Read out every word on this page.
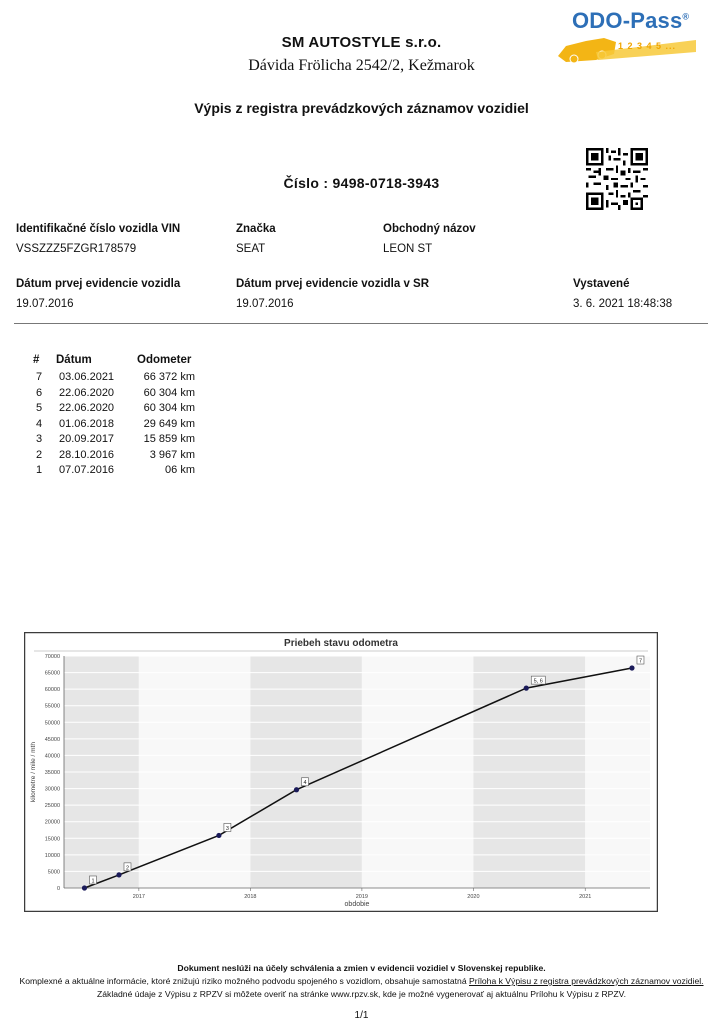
SM AUTOSTYLE s.r.o.
Dávida Frölicha 2542/2, Kežmarok
ODO-Pass®
1 2 3 4 5 ...
Výpis z registra prevádzkových záznamov vozidiel
Číslo : 9498-0718-3943
Identifikačné číslo vozidla VIN
VSSZZZ5FZGR178579
Značka
SEAT
Obchodný názov
LEON ST
Dátum prvej evidencie vozidla
19.07.2016
Dátum prvej evidencie vozidla v SR
19.07.2016
Vystavené
3. 6. 2021 18:48:38
# Dátum	Odometer
7	03.06.2021	66 372 km
6	22.06.2020	60 304 km
5	22.06.2020	60 304 km
4	01.06.2018	29 649 km
3	20.09.2017	15 859 km
2	28.10.2016	3 967 km
1	07.07.2016	06 km
Priebeh stavu odometra
0
5000
10000
15000
20000
25000
30000
35000
40000
45000
50000
55000
60000
65000
70000
2017	2018	2019	2020	2021
obdobie
kilometre / mile / mth
1
2
3
4
5, 6
7
Dokument neslúži na účely schválenia a zmien v evidencii vozidiel v Slovenskej republike.
Komplexné a aktuálne informácie, ktoré znižujú riziko možného podvodu spojeného s vozidlom, obsahuje samostatná Príloha k Výpisu z registra prevádzkových záznamov vozidiel.
Základné údaje z Výpisu z RPZV si môžete overiť na stránke www.rpzv.sk, kde je možné vygenerovať aj aktuálnu Prílohu k Výpisu z RPZV.
1/1
